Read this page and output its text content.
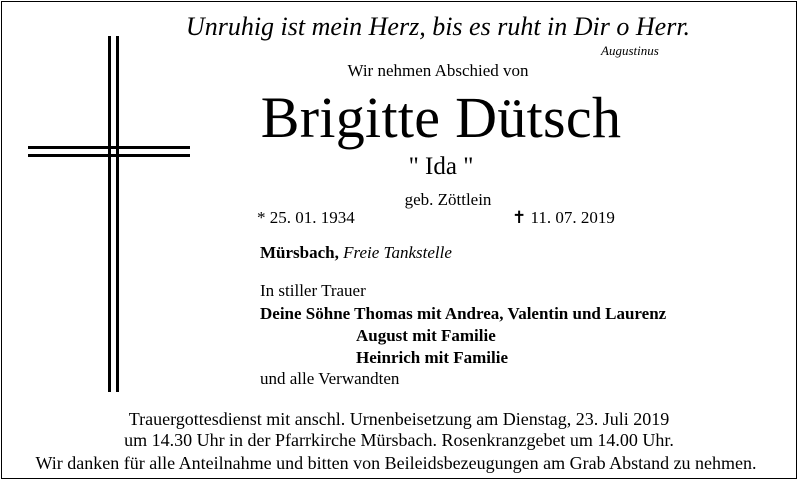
Unruhig ist mein Herz, bis es ruht in Dir o Herr.
Augustinus
Wir nehmen Abschied von
Brigitte Dütsch
" Ida "
geb. Zöttlein
* 25. 01. 1934	✝ 11. 07. 2019
Mürsbach, Freie Tankstelle
In stiller Trauer
Deine Söhne Thomas mit Andrea, Valentin und Laurenz
August mit Familie
Heinrich mit Familie
und alle Verwandten
Trauergottesdienst mit anschl. Urnenbeisetzung am Dienstag, 23. Juli 2019
um 14.30 Uhr in der Pfarrkirche Mürsbach. Rosenkranzgebet um 14.00 Uhr.
Wir danken für alle Anteilnahme und bitten von Beileidsbezeugungen am Grab Abstand zu nehmen.
